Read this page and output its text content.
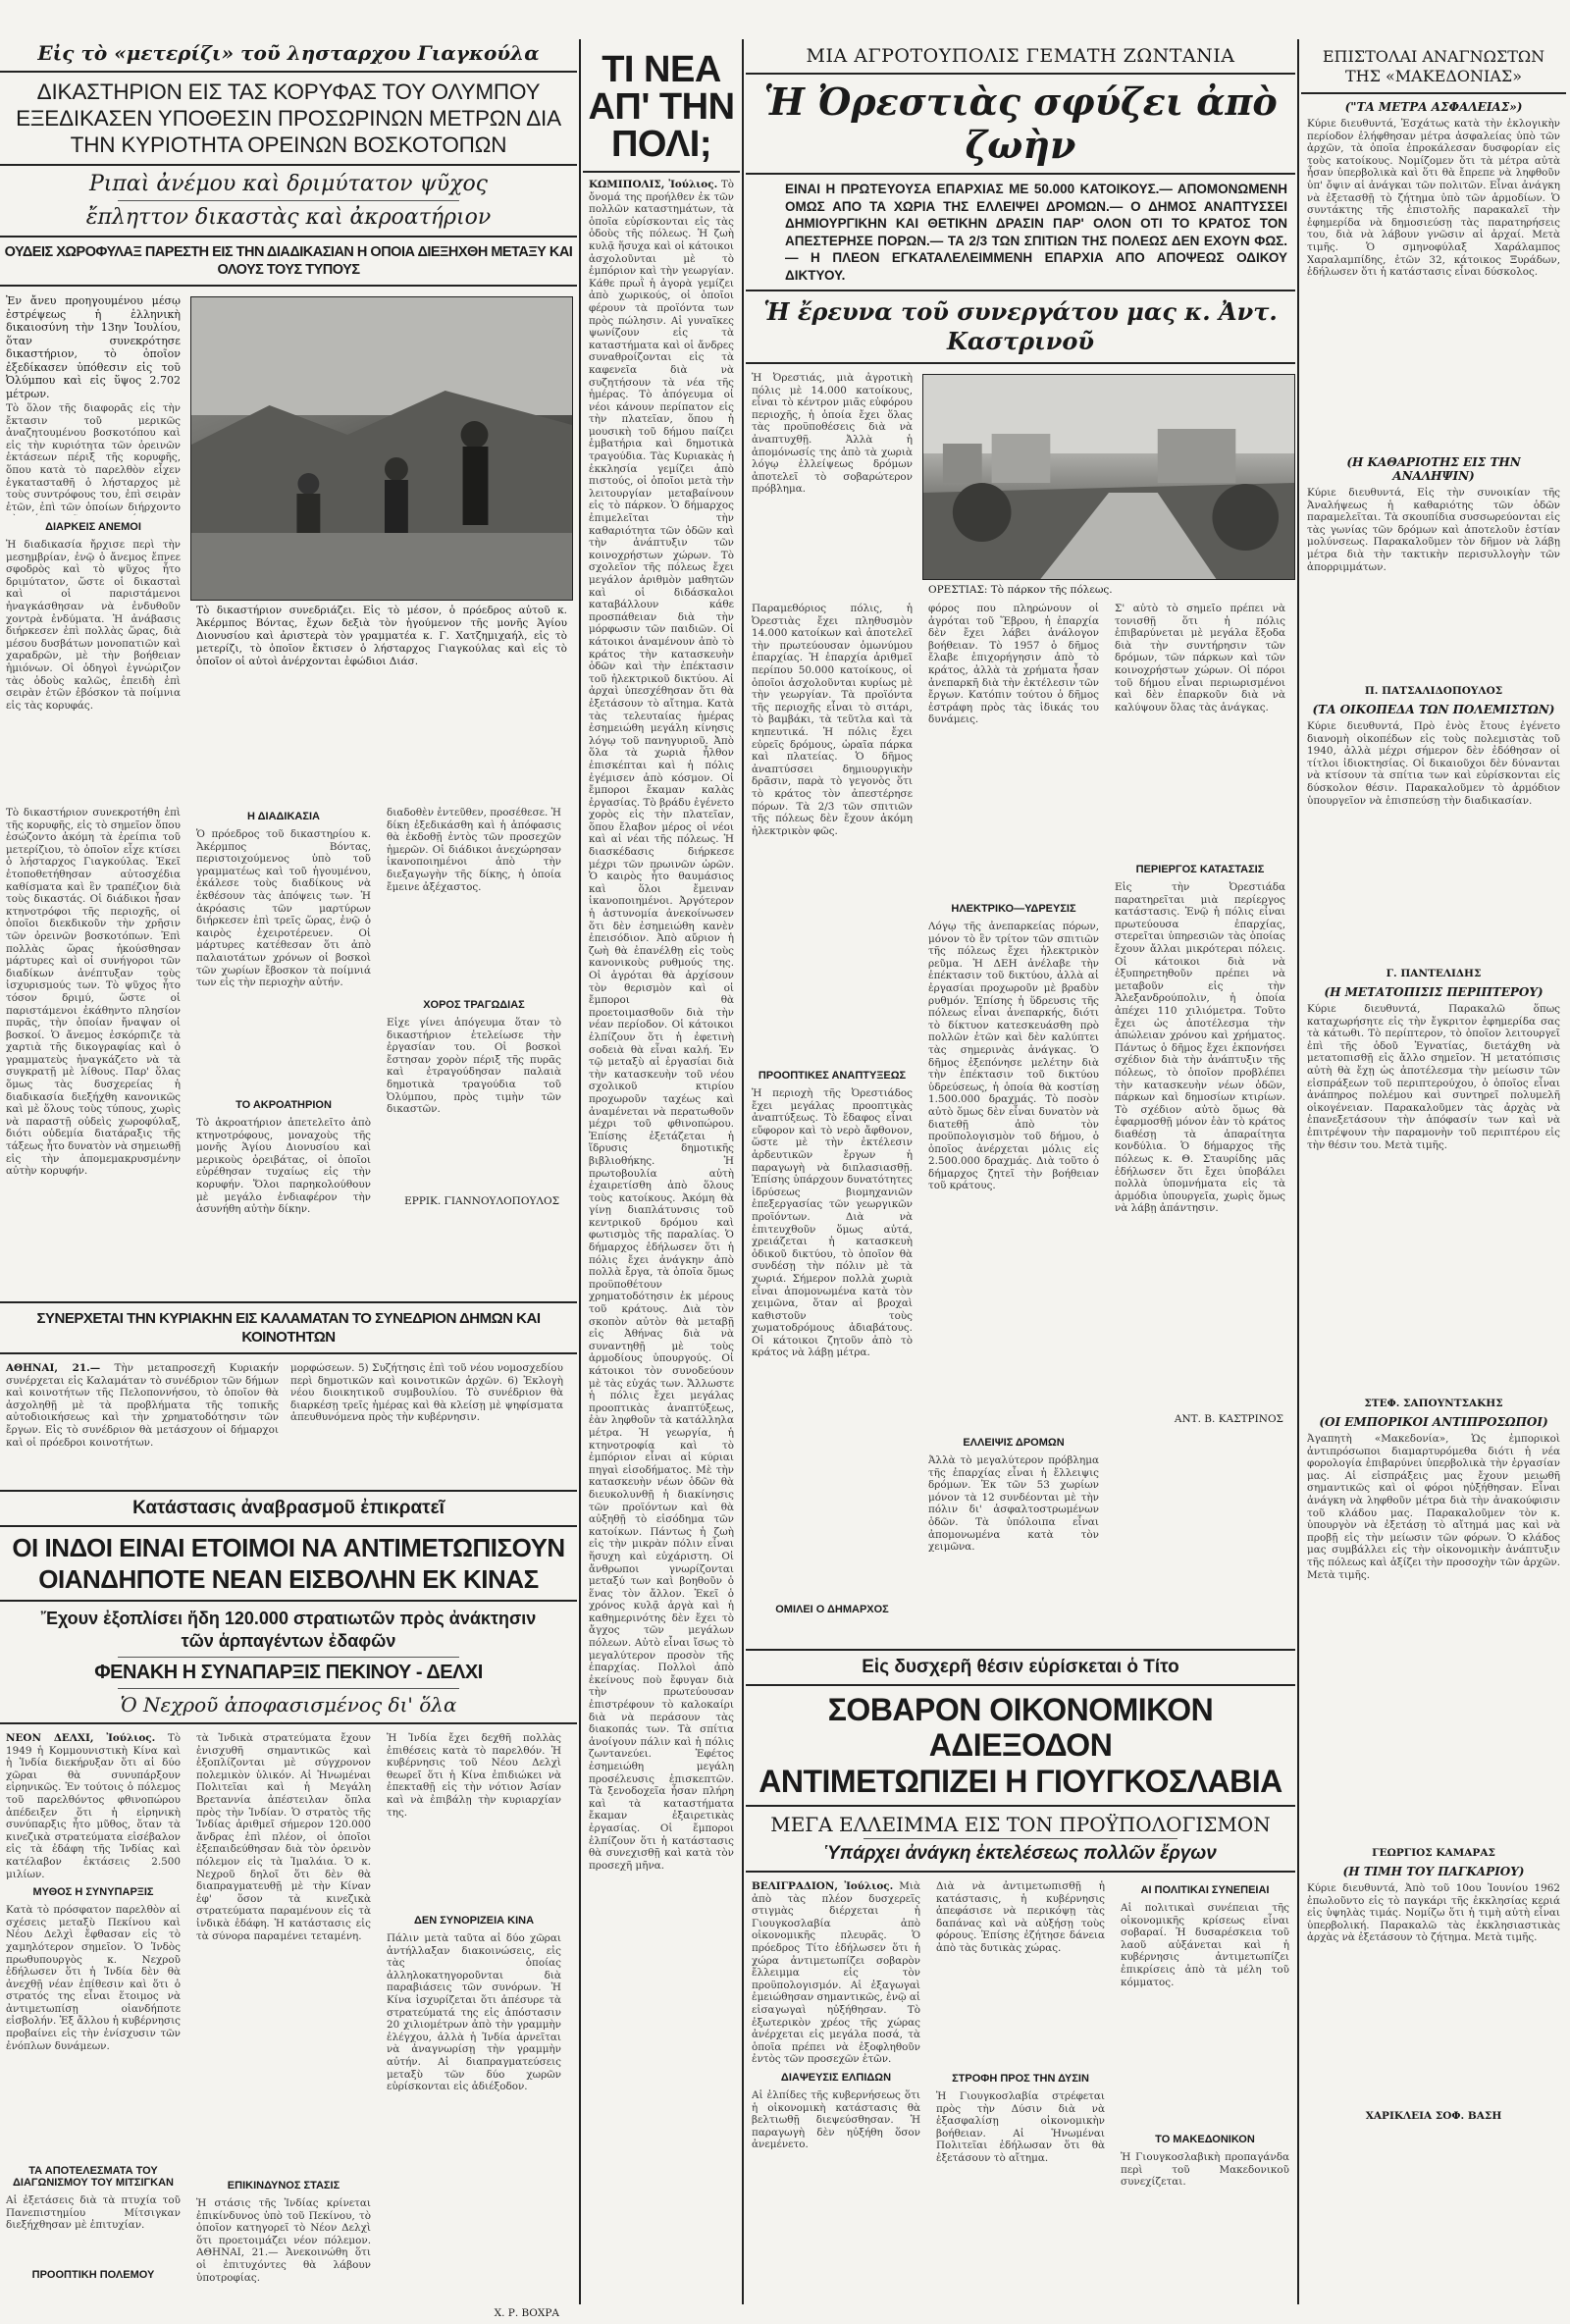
Εἰς τὸ «μετερίζι» τοῦ λησταρχου Γιαγκούλα
ΔΙΚΑΣΤΗΡΙΟΝ ΕΙΣ ΤΑΣ ΚΟΡΥΦΑΣ ΤΟΥ ΟΛΥΜΠΟΥ ΕΞΕΔΙΚΑΣΕΝ ΥΠΟΘΕΣΙΝ ΠΡΟΣΩΡΙΝΩΝ ΜΕΤΡΩΝ ΔΙΑ ΤΗΝ ΚΥΡΙΟΤΗΤΑ ΟΡΕΙΝΩΝ ΒΟΣΚΟΤΟΠΩΝ
Ριπαὶ ἀνέμου καὶ δριμύτατον ψῦχος
ἔπληττον δικαστὰς καὶ ἀκροατήριον
ΟΥΔΕΙΣ ΧΩΡΟΦΥΛΑΞ ΠΑΡΕΣΤΗ ΕΙΣ ΤΗΝ ΔΙΑΔΙΚΑΣΙΑΝ Η ΟΠΟΙΑ ΔΙΕΞΗΧΘΗ ΜΕΤΑΞΥ ΚΑΙ ΟΛΟΥΣ ΤΟΥΣ ΤΥΠΟΥΣ
Ἐν ἄνευ προηγουμένου μέσῳ ἐστρέψεως ἡ ἑλληνικὴ δικαιοσύνη τὴν 13ην Ἰουλίου, ὅταν συνεκρότησε δικαστήριον, τὸ ὁποῖον ἐξεδίκασεν ὑπόθεσιν εἰς τοῦ Ὀλύμπου καὶ εἰς ὕψος 2.702 μέτρων.
Τὸ ὅλον τῆς διαφορᾶς εἰς τὴν ἔκτασιν τοῦ μερικῶς ἀναζητουμένου βοσκοτόπου καὶ εἰς τὴν κυριότητα τῶν ὀρεινῶν ἐκτάσεων πέριξ τῆς κορυφῆς, ὅπου κατὰ τὸ παρελθὸν εἶχεν ἐγκατασταθῆ ὁ λήσταρχος μὲ τοὺς συντρόφους του, ἐπὶ σειρὰν ἐτῶν, ἐπὶ τῶν ὁποίων διήρχοντο
ΔΙΑΡΚΕΙΣ ΑΝΕΜΟΙ
Ἡ διαδικασία ἤρχισε περὶ τὴν μεσημβρίαν, ἐνῷ ὁ ἄνεμος ἔπνεε σφοδρὸς καὶ τὸ ψῦχος ἦτο δριμύτατον, ὥστε οἱ δικασταὶ καὶ οἱ παριστάμενοι ἠναγκάσθησαν νὰ ἐνδυθοῦν χοντρὰ ἐνδύματα. Ἡ ἀνάβασις διήρκεσεν ἐπὶ πολλὰς ὥρας, διὰ μέσου δυσβάτων μονοπατιῶν καὶ χαραδρῶν, μὲ τὴν βοήθειαν ἡμιόνων. Οἱ ὁδηγοὶ ἐγνώριζον τὰς ὁδοὺς καλῶς, ἐπειδὴ ἐπὶ σειρὰν ἐτῶν ἐβόσκον τὰ ποίμνια εἰς τὰς κορυφάς.
Τὸ δικαστήριον συνεδριάζει. Εἰς τὸ μέσον, ὁ πρόεδρος αὐτοῦ κ. Ἀκέρμπος Βόντας, ἔχων δεξιὰ τὸν ἡγούμενον τῆς μονῆς Ἁγίου Διονυσίου καὶ ἀριστερὰ τὸν γραμματέα κ. Γ. Χατζημιχαήλ, εἰς τὸ μετερίζι, τὸ ὁποῖον ἔκτισεν ὁ λήσταρχος Γιαγκούλας καὶ εἰς τὸ ὁποῖον οἱ αὐτοὶ ἀνέρχονται ἐφώδιοι Διάσ.
Τὸ δικαστήριον συνεκροτήθη ἐπὶ τῆς κορυφῆς, εἰς τὸ σημεῖον ὅπου ἐσώζοντο ἀκόμη τὰ ἐρείπια τοῦ μετερίζιου, τὸ ὁποῖον εἶχε κτίσει ὁ λήσταρχος Γιαγκούλας. Ἐκεῖ ἐτοποθετήθησαν αὐτοσχέδια καθίσματα καὶ ἓν τραπέζιον διὰ τοὺς δικαστάς. Οἱ διάδικοι ἦσαν κτηνοτρόφοι τῆς περιοχῆς, οἱ ὁποῖοι διεκδικοῦν τὴν χρῆσιν τῶν ὀρεινῶν βοσκοτόπων. Ἐπὶ πολλὰς ὥρας ἠκούσθησαν μάρτυρες καὶ οἱ συνήγοροι τῶν διαδίκων ἀνέπτυξαν τοὺς ἰσχυρισμούς των. Τὸ ψῦχος ἦτο τόσον δριμύ, ὥστε οἱ παριστάμενοι ἐκάθηντο πλησίον πυρᾶς, τὴν ὁποίαν ἤναψαν οἱ βοσκοί. Ὁ ἄνεμος ἐσκόρπιζε τὰ χαρτιὰ τῆς δικογραφίας καὶ ὁ γραμματεὺς ἠναγκάζετο νὰ τὰ συγκρατῇ μὲ λίθους. Παρ' ὅλας ὅμως τὰς δυσχερείας ἡ διαδικασία διεξήχθη κανονικῶς καὶ μὲ ὅλους τοὺς τύπους, χωρὶς νὰ παραστῇ οὐδεὶς χωροφύλαξ, διότι οὐδεμία διατάραξις τῆς τάξεως ἦτο δυνατὸν νὰ σημειωθῇ εἰς τὴν ἀπομεμακρυσμένην αὐτὴν κορυφήν.
Η ΔΙΑΔΙΚΑΣΙΑ
Ὁ πρόεδρος τοῦ δικαστηρίου κ. Ἀκέρμπος Βόντας, περιστοιχούμενος ὑπὸ τοῦ γραμματέως καὶ τοῦ ἡγουμένου, ἐκάλεσε τοὺς διαδίκους νὰ ἐκθέσουν τὰς ἀπόψεις των. Ἡ ἀκρόασις τῶν μαρτύρων διήρκεσεν ἐπὶ τρεῖς ὥρας, ἐνῷ ὁ καιρὸς ἐχειροτέρευεν. Οἱ μάρτυρες κατέθεσαν ὅτι ἀπὸ παλαιοτάτων χρόνων οἱ βοσκοὶ τῶν χωρίων ἔβοσκον τὰ ποίμνιά των εἰς τὴν περιοχὴν αὐτήν.
ΤΟ ΑΚΡΟΑΤΗΡΙΟΝ
Τὸ ἀκροατήριον ἀπετελεῖτο ἀπὸ κτηνοτρόφους, μοναχοὺς τῆς μονῆς Ἁγίου Διονυσίου καὶ μερικοὺς ὀρειβάτας, οἱ ὁποῖοι εὑρέθησαν τυχαίως εἰς τὴν κορυφήν. Ὅλοι παρηκολούθουν μὲ μεγάλο ἐνδιαφέρον τὴν ἀσυνήθη αὐτὴν δίκην.
διαδοθὲν ἐντεῦθεν, προσέθεσε. Ἡ δίκη ἐξεδικάσθη καὶ ἡ ἀπόφασις θὰ ἐκδοθῇ ἐντὸς τῶν προσεχῶν ἡμερῶν. Οἱ διάδικοι ἀνεχώρησαν ἱκανοποιημένοι ἀπὸ τὴν διεξαγωγὴν τῆς δίκης, ἡ ὁποία ἔμεινε ἀξέχαστος.
ΧΟΡΟΣ ΤΡΑΓΩΔΙΑΣ
Εἶχε γίνει ἀπόγευμα ὅταν τὸ δικαστήριον ἐτελείωσε τὴν ἐργασίαν του. Οἱ βοσκοὶ ἔστησαν χορὸν πέριξ τῆς πυρᾶς καὶ ἐτραγούδησαν παλαιὰ δημοτικὰ τραγούδια τοῦ Ὀλύμπου, πρὸς τιμὴν τῶν δικαστῶν.
ΕΡΡΙΚ. ΓΙΑΝΝΟΥΛΟΠΟΥΛΟΣ
ΣΥΝΕΡΧΕΤΑΙ ΤΗΝ ΚΥΡΙΑΚΗΝ ΕΙΣ ΚΑΛΑΜΑΤΑΝ ΤΟ ΣΥΝΕΔΡΙΟΝ ΔΗΜΩΝ ΚΑΙ ΚΟΙΝΟΤΗΤΩΝ
ΑΘΗΝΑΙ, 21.— Τὴν μεταπροσεχῆ Κυριακήν συνέρχεται εἰς Καλαμάταν τὸ συνέδριον τῶν δήμων καὶ κοινοτήτων τῆς Πελοποννήσου, τὸ ὁποῖον θὰ ἀσχοληθῇ μὲ τὰ προβλήματα τῆς τοπικῆς αὐτοδιοικήσεως καὶ τὴν χρηματοδότησιν τῶν ἔργων. Εἰς τὸ συνέδριον θὰ μετάσχουν οἱ δήμαρχοι καὶ οἱ πρόεδροι κοινοτήτων.
μορφώσεων. 5) Συζήτησις ἐπὶ τοῦ νέου νομοσχεδίου περὶ δημοτικῶν καὶ κοινοτικῶν ἀρχῶν. 6) Ἐκλογὴ νέου διοικητικοῦ συμβουλίου. Τὸ συνέδριον θὰ διαρκέσῃ τρεῖς ἡμέρας καὶ θὰ κλείσῃ μὲ ψηφίσματα ἀπευθυνόμενα πρὸς τὴν κυβέρνησιν.
Κατάστασις ἀναβρασμοῦ ἐπικρατεῖ
ΟΙ ΙΝΔΟΙ ΕΙΝΑΙ ΕΤΟΙΜΟΙ ΝΑ ΑΝΤΙΜΕΤΩΠΙΣΟΥΝ
ΟΙΑΝΔΗΠΟΤΕ ΝΕΑΝ ΕΙΣΒΟΛΗΝ ΕΚ ΚΙΝΑΣ
Ἔχουν ἐξοπλίσει ἤδη 120.000 στρατιωτῶν πρὸς ἀνάκτησιν τῶν ἁρπαγέντων ἐδαφῶν
ΦΕΝΑΚΗ Η ΣΥΝΑΠΑΡΞΙΣ ΠΕΚΙΝΟΥ - ΔΕΛΧΙ
Ὁ Νεχροῦ ἀποφασισμένος δι' ὅλα
ΝΕΟΝ ΔΕΛΧΙ, Ἰούλιος. Τὸ 1949 ἡ Κομμουνιστικὴ Κίνα καὶ ἡ Ἰνδία διεκήρυξαν ὅτι αἱ δύο χῶραι θὰ συνυπάρξουν εἰρηνικῶς. Ἐν τούτοις ὁ πόλεμος τοῦ παρελθόντος φθινοπώρου ἀπέδειξεν ὅτι ἡ εἰρηνικὴ συνύπαρξις ἦτο μῦθος, ὅταν τὰ κινεζικὰ στρατεύματα εἰσέβαλον εἰς τὰ ἐδάφη τῆς Ἰνδίας καὶ κατέλαβον ἐκτάσεις 2.500 μιλίων.
ΜΥΘΟΣ Η ΣΥΝΥΠΑΡΞΙΣ
Κατὰ τὸ πρόσφατον παρελθὸν αἱ σχέσεις μεταξὺ Πεκίνου καὶ Νέου Δελχὶ ἔφθασαν εἰς τὸ χαμηλότερον σημεῖον. Ὁ Ἰνδὸς πρωθυπουργὸς κ. Νεχροῦ ἐδήλωσεν ὅτι ἡ Ἰνδία δὲν θὰ ἀνεχθῇ νέαν ἐπίθεσιν καὶ ὅτι ὁ στρατός της εἶναι ἕτοιμος νὰ ἀντιμετωπίσῃ οἱανδήποτε εἰσβολήν. Ἐξ ἄλλου ἡ κυβέρνησις προβαίνει εἰς τὴν ἐνίσχυσιν τῶν ἐνόπλων δυνάμεων.
ΤΑ ΑΠΟΤΕΛΕΣΜΑΤΑ ΤΟΥ ΔΙΑΓΩΝΙΣΜΟΥ ΤΟΥ ΜΙΤΣΙΓΚΑΝ
Αἱ ἐξετάσεις διὰ τὰ πτυχία τοῦ Πανεπιστημίου Μίτσιγκαν διεξήχθησαν μὲ ἐπιτυχίαν.
ΠΡΟΟΠΤΙΚΗ ΠΟΛΕΜΟΥ
τὰ Ἰνδικὰ στρατεύματα ἔχουν ἐνισχυθῆ σημαντικῶς καὶ ἐξοπλίζονται μὲ σύγχρονον πολεμικὸν ὑλικόν. Αἱ Ἡνωμέναι Πολιτεῖαι καὶ ἡ Μεγάλη Βρεταννία ἀπέστειλαν ὅπλα πρὸς τὴν Ἰνδίαν. Ὁ στρατὸς τῆς Ἰνδίας ἀριθμεῖ σήμερον 120.000 ἄνδρας ἐπὶ πλέον, οἱ ὁποῖοι ἐξεπαιδεύθησαν διὰ τὸν ὀρεινὸν πόλεμον εἰς τὰ Ἱμαλάια. Ὁ κ. Νεχροῦ δηλοῖ ὅτι δὲν θὰ διαπραγματευθῇ μὲ τὴν Κίναν ἐφ' ὅσον τὰ κινεζικὰ στρατεύματα παραμένουν εἰς τὰ ἰνδικὰ ἐδάφη. Ἡ κατάστασις εἰς τὰ σύνορα παραμένει τεταμένη.
ΕΠΙΚΙΝΔΥΝΟΣ ΣΤΑΣΙΣ
Ἡ στάσις τῆς Ἰνδίας κρίνεται ἐπικίνδυνος ὑπὸ τοῦ Πεκίνου, τὸ ὁποῖον κατηγορεῖ τὸ Νέον Δελχὶ ὅτι προετοιμάζει νέον πόλεμον. ΑΘΗΝΑΙ, 21.— Ἀνεκοινώθη ὅτι οἱ ἐπιτυχόντες θὰ λάβουν ὑποτροφίας.
Ἡ Ἰνδία ἔχει δεχθῆ πολλὰς ἐπιθέσεις κατὰ τὸ παρελθόν. Ἡ κυβέρνησις τοῦ Νέου Δελχὶ θεωρεῖ ὅτι ἡ Κίνα ἐπιδιώκει νὰ ἐπεκταθῇ εἰς τὴν νότιον Ἀσίαν καὶ νὰ ἐπιβάλῃ τὴν κυριαρχίαν της.
ΔΕΝ ΣΥΝΟΡΙΖΕΙΑ ΚΙΝΑ
Πάλιν μετὰ ταῦτα αἱ δύο χῶραι ἀντήλλαξαν διακοινώσεις, εἰς τὰς ὁποίας ἀλληλοκατηγοροῦνται διὰ παραβιάσεις τῶν συνόρων. Ἡ Κίνα ἰσχυρίζεται ὅτι ἀπέσυρε τὰ στρατεύματά της εἰς ἀπόστασιν 20 χιλιομέτρων ἀπὸ τὴν γραμμὴν ἐλέγχου, ἀλλὰ ἡ Ἰνδία ἀρνεῖται νὰ ἀναγνωρίσῃ τὴν γραμμὴν αὐτήν. Αἱ διαπραγματεύσεις μεταξὺ τῶν δύο χωρῶν εὑρίσκονται εἰς ἀδιέξοδον.
Χ. Ρ. ΒΟΧΡΑ
ΤΙ ΝΕΑ ΑΠ' ΤΗΝ ΠΟΛΙ;
ΚΩΜΙΠΟΛΙΣ, Ἰούλιος. Τὸ ὄνομά της προήλθεν ἐκ τῶν πολλῶν καταστημάτων, τὰ ὁποῖα εὑρίσκονται εἰς τὰς ὁδοὺς τῆς πόλεως. Ἡ ζωὴ κυλᾷ ἥσυχα καὶ οἱ κάτοικοι ἀσχολοῦνται μὲ τὸ ἐμπόριον καὶ τὴν γεωργίαν. Κάθε πρωῒ ἡ ἀγορὰ γεμίζει ἀπὸ χωρικούς, οἱ ὁποῖοι φέρουν τὰ προϊόντα των πρὸς πώλησιν. Αἱ γυναῖκες ψωνίζουν εἰς τὰ καταστήματα καὶ οἱ ἄνδρες συναθροίζονται εἰς τὰ καφενεῖα διὰ νὰ συζητήσουν τὰ νέα τῆς ἡμέρας. Τὸ ἀπόγευμα οἱ νέοι κάνουν περίπατον εἰς τὴν πλατεῖαν, ὅπου ἡ μουσικὴ τοῦ δήμου παίζει ἐμβατήρια καὶ δημοτικὰ τραγούδια. Τὰς Κυριακὰς ἡ ἐκκλησία γεμίζει ἀπὸ πιστούς, οἱ ὁποῖοι μετὰ τὴν λειτουργίαν μεταβαίνουν εἰς τὸ πάρκον. Ὁ δήμαρχος ἐπιμελεῖται τὴν καθαριότητα τῶν ὁδῶν καὶ τὴν ἀνάπτυξιν τῶν κοινοχρήστων χώρων. Τὸ σχολεῖον τῆς πόλεως ἔχει μεγάλον ἀριθμὸν μαθητῶν καὶ οἱ διδάσκαλοι καταβάλλουν κάθε προσπάθειαν διὰ τὴν μόρφωσιν τῶν παιδιῶν. Οἱ κάτοικοι ἀναμένουν ἀπὸ τὸ κράτος τὴν κατασκευὴν ὁδῶν καὶ τὴν ἐπέκτασιν τοῦ ἠλεκτρικοῦ δικτύου. Αἱ ἀρχαὶ ὑπεσχέθησαν ὅτι θὰ ἐξετάσουν τὸ αἴτημα. Κατὰ τὰς τελευταίας ἡμέρας ἐσημειώθη μεγάλη κίνησις λόγῳ τοῦ πανηγυριοῦ. Ἀπὸ ὅλα τὰ χωριὰ ἦλθον ἐπισκέπται καὶ ἡ πόλις ἐγέμισεν ἀπὸ κόσμον. Οἱ ἔμποροι ἔκαμαν καλὰς ἐργασίας. Τὸ βράδυ ἐγένετο χορὸς εἰς τὴν πλατεῖαν, ὅπου ἔλαβον μέρος οἱ νέοι καὶ αἱ νέαι τῆς πόλεως. Ἡ διασκέδασις διήρκεσε μέχρι τῶν πρωινῶν ὡρῶν. Ὁ καιρὸς ἦτο θαυμάσιος καὶ ὅλοι ἔμειναν ἱκανοποιημένοι. Ἀργότερον ἡ ἀστυνομία ἀνεκοίνωσεν ὅτι δὲν ἐσημειώθη κανὲν ἐπεισόδιον. Ἀπὸ αὔριον ἡ ζωὴ θὰ ἐπανέλθῃ εἰς τοὺς κανονικοὺς ρυθμούς της. Οἱ ἀγρόται θὰ ἀρχίσουν τὸν θερισμὸν καὶ οἱ ἔμποροι θὰ προετοιμασθοῦν διὰ τὴν νέαν περίοδον. Οἱ κάτοικοι ἐλπίζουν ὅτι ἡ ἐφετινὴ σοδειὰ θὰ εἶναι καλή. Ἐν τῷ μεταξὺ αἱ ἐργασίαι διὰ τὴν κατασκευὴν τοῦ νέου σχολικοῦ κτιρίου προχωροῦν ταχέως καὶ ἀναμένεται νὰ περατωθοῦν μέχρι τοῦ φθινοπώρου. Ἐπίσης ἐξετάζεται ἡ ἵδρυσις δημοτικῆς βιβλιοθήκης. Ἡ πρωτοβουλία αὐτὴ ἐχαιρετίσθη ἀπὸ ὅλους τοὺς κατοίκους. Ἀκόμη θὰ γίνῃ διαπλάτυνσις τοῦ κεντρικοῦ δρόμου καὶ φωτισμὸς τῆς παραλίας. Ὁ δήμαρχος ἐδήλωσεν ὅτι ἡ πόλις ἔχει ἀνάγκην ἀπὸ πολλὰ ἔργα, τὰ ὁποῖα ὅμως προϋποθέτουν χρηματοδότησιν ἐκ μέρους τοῦ κράτους. Διὰ τὸν σκοπὸν αὐτὸν θὰ μεταβῇ εἰς Ἀθήνας διὰ νὰ συναντηθῇ μὲ τοὺς ἁρμοδίους ὑπουργούς. Οἱ κάτοικοι τὸν συνοδεύουν μὲ τὰς εὐχάς των. Ἄλλωστε ἡ πόλις ἔχει μεγάλας προοπτικὰς ἀναπτύξεως, ἐὰν ληφθοῦν τὰ κατάλληλα μέτρα. Ἡ γεωργία, ἡ κτηνοτροφία καὶ τὸ ἐμπόριον εἶναι αἱ κύριαι πηγαὶ εἰσοδήματος. Μὲ τὴν κατασκευὴν νέων ὁδῶν θὰ διευκολυνθῇ ἡ διακίνησις τῶν προϊόντων καὶ θὰ αὐξηθῇ τὸ εἰσόδημα τῶν κατοίκων. Πάντως ἡ ζωὴ εἰς τὴν μικρὰν πόλιν εἶναι ἥσυχη καὶ εὐχάριστη. Οἱ ἄνθρωποι γνωρίζονται μεταξύ των καὶ βοηθοῦν ὁ ἕνας τὸν ἄλλον. Ἐκεῖ ὁ χρόνος κυλᾷ ἀργὰ καὶ ἡ καθημερινότης δὲν ἔχει τὸ ἄγχος τῶν μεγάλων πόλεων. Αὐτὸ εἶναι ἴσως τὸ μεγαλύτερον προσὸν τῆς ἐπαρχίας. Πολλοὶ ἀπὸ ἐκείνους ποὺ ἔφυγαν διὰ τὴν πρωτεύουσαν ἐπιστρέφουν τὸ καλοκαίρι διὰ νὰ περάσουν τὰς διακοπάς των. Τὰ σπίτια ἀνοίγουν πάλιν καὶ ἡ πόλις ζωντανεύει. Ἐφέτος ἐσημειώθη μεγάλη προσέλευσις ἐπισκεπτῶν. Τὰ ξενοδοχεῖα ἦσαν πλήρη καὶ τὰ καταστήματα ἔκαμαν ἐξαιρετικὰς ἐργασίας. Οἱ ἔμποροι ἐλπίζουν ὅτι ἡ κατάστασις θὰ συνεχισθῇ καὶ κατὰ τὸν προσεχῆ μῆνα.
ΜΙΑ ΑΓΡΟΤΟΥΠΟΛΙΣ ΓΕΜΑΤΗ ΖΩΝΤΑΝΙΑ
Ἡ Ὀρεστιὰς σφύζει ἀπὸ ζωὴν
ΕΙΝΑΙ Η ΠΡΩΤΕΥΟΥΣΑ ΕΠΑΡΧΙΑΣ ΜΕ 50.000 ΚΑΤΟΙΚΟΥΣ.— ΑΠΟΜΟΝΩΜΕΝΗ ΟΜΩΣ ΑΠΟ ΤΑ ΧΩΡΙΑ ΤΗΣ ΕΛΛΕΙΨΕΙ ΔΡΟΜΩΝ.— Ο ΔΗΜΟΣ ΑΝΑΠΤΥΣΣΕΙ ΔΗΜΙΟΥΡΓΙΚΗΝ ΚΑΙ ΘΕΤΙΚΗΝ ΔΡΑΣΙΝ ΠΑΡ' ΟΛΟΝ ΟΤΙ ΤΟ ΚΡΑΤΟΣ ΤΟΝ ΑΠΕΣΤΕΡΗΣΕ ΠΟΡΩΝ.— ΤΑ 2/3 ΤΩΝ ΣΠΙΤΙΩΝ ΤΗΣ ΠΟΛΕΩΣ ΔΕΝ ΕΧΟΥΝ ΦΩΣ.— Η ΠΛΕΟΝ ΕΓΚΑΤΑΛΕΛΕΙΜΜΕΝΗ ΕΠΑΡΧΙΑ ΑΠΟ ΑΠΟΨΕΩΣ ΟΔΙΚΟΥ ΔΙΚΤΥΟΥ.
Ἡ ἔρευνα τοῦ συνεργάτου μας κ. Ἀντ. Καστρινοῦ
Ἡ Ὀρεστιάς, μιὰ ἀγροτικὴ πόλις μὲ 14.000 κατοίκους, εἶναι τὸ κέντρον μιᾶς εὐφόρου περιοχῆς, ἡ ὁποία ἔχει ὅλας τὰς προϋποθέσεις διὰ νὰ ἀναπτυχθῇ. Ἀλλὰ ἡ ἀπομόνωσίς της ἀπὸ τὰ χωριὰ λόγῳ ἐλλείψεως δρόμων ἀποτελεῖ τὸ σοβαρώτερον πρόβλημα.
ΟΡΕΣΤΙΑΣ: Τὸ πάρκον τῆς πόλεως.
Παραμεθόριος πόλις, ἡ Ὀρεστιὰς ἔχει πληθυσμὸν 14.000 κατοίκων καὶ ἀποτελεῖ τὴν πρωτεύουσαν ὁμωνύμου ἐπαρχίας. Ἡ ἐπαρχία ἀριθμεῖ περίπου 50.000 κατοίκους, οἱ ὁποῖοι ἀσχολοῦνται κυρίως μὲ τὴν γεωργίαν. Τὰ προϊόντα τῆς περιοχῆς εἶναι τὸ σιτάρι, τὸ βαμβάκι, τὰ τεῦτλα καὶ τὰ κηπευτικά. Ἡ πόλις ἔχει εὐρεῖς δρόμους, ὡραῖα πάρκα καὶ πλατείας. Ὁ δῆμος ἀναπτύσσει δημιουργικὴν δρᾶσιν, παρὰ τὸ γεγονὸς ὅτι τὸ κράτος τὸν ἀπεστέρησε πόρων. Τὰ 2/3 τῶν σπιτιῶν τῆς πόλεως δὲν ἔχουν ἀκόμη ἠλεκτρικὸν φῶς.
ΠΡΟΟΠΤΙΚΕΣ ΑΝΑΠΤΥΞΕΩΣ
Ἡ περιοχὴ τῆς Ὀρεστιάδος ἔχει μεγάλας προοπτικὰς ἀναπτύξεως. Τὸ ἔδαφος εἶναι εὔφορον καὶ τὸ νερὸ ἄφθονον, ὥστε μὲ τὴν ἐκτέλεσιν ἀρδευτικῶν ἔργων ἡ παραγωγὴ νὰ διπλασιασθῇ. Ἐπίσης ὑπάρχουν δυνατότητες ἱδρύσεως βιομηχανιῶν ἐπεξεργασίας τῶν γεωργικῶν προϊόντων. Διὰ νὰ ἐπιτευχθοῦν ὅμως αὐτά, χρειάζεται ἡ κατασκευὴ ὁδικοῦ δικτύου, τὸ ὁποῖον θὰ συνδέσῃ τὴν πόλιν μὲ τὰ χωριά. Σήμερον πολλὰ χωριὰ εἶναι ἀπομονωμένα κατὰ τὸν χειμῶνα, ὅταν αἱ βροχαὶ καθιστοῦν τοὺς χωματοδρόμους ἀδιαβάτους. Οἱ κάτοικοι ζητοῦν ἀπὸ τὸ κράτος νὰ λάβῃ μέτρα.
ΟΜΙΛΕΙ Ο ΔΗΜΑΡΧΟΣ
φόρος που πληρώνουν οἱ ἀγρόται τοῦ Ἕβρου, ἡ ἐπαρχία δὲν ἔχει λάβει ἀνάλογον βοήθειαν. Τὸ 1957 ὁ δῆμος ἔλαβε ἐπιχορήγησιν ἀπὸ τὸ κράτος, ἀλλὰ τὰ χρήματα ἦσαν ἀνεπαρκῆ διὰ τὴν ἐκτέλεσιν τῶν ἔργων. Κατόπιν τούτου ὁ δῆμος ἐστράφη πρὸς τὰς ἰδικάς του δυνάμεις.
ΗΛΕΚΤΡΙΚΟ—ΥΔΡΕΥΣΙΣ
Λόγῳ τῆς ἀνεπαρκείας πόρων, μόνον τὸ ἓν τρίτον τῶν σπιτιῶν τῆς πόλεως ἔχει ἠλεκτρικὸν ρεῦμα. Ἡ ΔΕΗ ἀνέλαβε τὴν ἐπέκτασιν τοῦ δικτύου, ἀλλὰ αἱ ἐργασίαι προχωροῦν μὲ βραδὺν ρυθμόν. Ἐπίσης ἡ ὕδρευσις τῆς πόλεως εἶναι ἀνεπαρκής, διότι τὸ δίκτυον κατεσκευάσθη πρὸ πολλῶν ἐτῶν καὶ δὲν καλύπτει τὰς σημερινὰς ἀνάγκας. Ὁ δῆμος ἐξεπόνησε μελέτην διὰ τὴν ἐπέκτασιν τοῦ δικτύου ὑδρεύσεως, ἡ ὁποία θὰ κοστίσῃ 1.500.000 δραχμάς. Τὸ ποσὸν αὐτὸ ὅμως δὲν εἶναι δυνατὸν νὰ διατεθῇ ἀπὸ τὸν προϋπολογισμὸν τοῦ δήμου, ὁ ὁποῖος ἀνέρχεται μόλις εἰς 2.500.000 δραχμάς. Διὰ τοῦτο ὁ δήμαρχος ζητεῖ τὴν βοήθειαν τοῦ κράτους.
ΕΛΛΕΙΨΙΣ ΔΡΟΜΩΝ
Ἀλλὰ τὸ μεγαλύτερον πρόβλημα τῆς ἐπαρχίας εἶναι ἡ ἔλλειψις δρόμων. Ἐκ τῶν 53 χωρίων μόνον τὰ 12 συνδέονται μὲ τὴν πόλιν δι' ἀσφαλτοστρωμένων ὁδῶν. Τὰ ὑπόλοιπα εἶναι ἀπομονωμένα κατὰ τὸν χειμῶνα.
Σ' αὐτὸ τὸ σημεῖο πρέπει νὰ τονισθῇ ὅτι ἡ πόλις ἐπιβαρύνεται μὲ μεγάλα ἔξοδα διὰ τὴν συντήρησιν τῶν δρόμων, τῶν πάρκων καὶ τῶν κοινοχρήστων χώρων. Οἱ πόροι τοῦ δήμου εἶναι περιωρισμένοι καὶ δὲν ἐπαρκοῦν διὰ νὰ καλύψουν ὅλας τὰς ἀνάγκας.
ΠΕΡΙΕΡΓΟΣ ΚΑΤΑΣΤΑΣΙΣ
Εἰς τὴν Ὀρεστιάδα παρατηρεῖται μιὰ περίεργος κατάστασις. Ἐνῷ ἡ πόλις εἶναι πρωτεύουσα ἐπαρχίας, στερεῖται ὑπηρεσιῶν τὰς ὁποίας ἔχουν ἄλλαι μικρότεραι πόλεις. Οἱ κάτοικοι διὰ νὰ ἐξυπηρετηθοῦν πρέπει νὰ μεταβοῦν εἰς τὴν Ἀλεξανδρούπολιν, ἡ ὁποία ἀπέχει 110 χιλιόμετρα. Τοῦτο ἔχει ὡς ἀποτέλεσμα τὴν ἀπώλειαν χρόνου καὶ χρήματος. Πάντως ὁ δῆμος ἔχει ἐκπονήσει σχέδιον διὰ τὴν ἀνάπτυξιν τῆς πόλεως, τὸ ὁποῖον προβλέπει τὴν κατασκευὴν νέων ὁδῶν, πάρκων καὶ δημοσίων κτιρίων. Τὸ σχέδιον αὐτὸ ὅμως θὰ ἐφαρμοσθῇ μόνον ἐὰν τὸ κράτος διαθέσῃ τὰ ἀπαραίτητα κονδύλια. Ὁ δήμαρχος τῆς πόλεως κ. Θ. Σταυρίδης μᾶς ἐδήλωσεν ὅτι ἔχει ὑποβάλει πολλὰ ὑπομνήματα εἰς τὰ ἁρμόδια ὑπουργεῖα, χωρὶς ὅμως νὰ λάβῃ ἀπάντησιν.
ΑΝΤ. Β. ΚΑΣΤΡΙΝΟΣ
Εἰς δυσχερῆ θέσιν εὑρίσκεται ὁ Τίτο
ΣΟΒΑΡΟΝ ΟΙΚΟΝΟΜΙΚΟΝ ΑΔΙΕΞΟΔΟΝ
ΑΝΤΙΜΕΤΩΠΙΖΕΙ Η ΓΙΟΥΓΚΟΣΛΑΒΙΑ
ΜΕΓΑ ΕΛΛΕΙΜΜΑ ΕΙΣ ΤΟΝ ΠΡΟΫΠΟΛΟΓΙΣΜΟΝ
Ὑπάρχει ἀνάγκη ἐκτελέσεως πολλῶν ἔργων
ΒΕΛΙΓΡΑΔΙΟΝ, Ἰούλιος. Μιὰ ἀπὸ τὰς πλέον δυσχερεῖς στιγμὰς διέρχεται ἡ Γιουγκοσλαβία ἀπὸ οἰκονομικῆς πλευρᾶς. Ὁ πρόεδρος Τίτο ἐδήλωσεν ὅτι ἡ χώρα ἀντιμετωπίζει σοβαρὸν ἔλλειμμα εἰς τὸν προϋπολογισμόν. Αἱ ἐξαγωγαὶ ἐμειώθησαν σημαντικῶς, ἐνῷ αἱ εἰσαγωγαὶ ηὐξήθησαν. Τὸ ἐξωτερικὸν χρέος τῆς χώρας ἀνέρχεται εἰς μεγάλα ποσά, τὰ ὁποῖα πρέπει νὰ ἐξοφληθοῦν ἐντὸς τῶν προσεχῶν ἐτῶν.
ΔΙΑΨΕΥΣΙΣ ΕΛΠΙΔΩΝ
Αἱ ἐλπίδες τῆς κυβερνήσεως ὅτι ἡ οἰκονομικὴ κατάστασις θὰ βελτιωθῇ διεψεύσθησαν. Ἡ παραγωγὴ δὲν ηὐξήθη ὅσον ἀνεμένετο.
Διὰ νὰ ἀντιμετωπισθῇ ἡ κατάστασις, ἡ κυβέρνησις ἀπεφάσισε νὰ περικόψῃ τὰς δαπάνας καὶ νὰ αὐξήσῃ τοὺς φόρους. Ἐπίσης ἐζήτησε δάνεια ἀπὸ τὰς δυτικὰς χώρας.
ΣΤΡΟΦΗ ΠΡΟΣ ΤΗΝ ΔΥΣΙΝ
Ἡ Γιουγκοσλαβία στρέφεται πρὸς τὴν Δύσιν διὰ νὰ ἐξασφαλίσῃ οἰκονομικὴν βοήθειαν. Αἱ Ἡνωμέναι Πολιτεῖαι ἐδήλωσαν ὅτι θὰ ἐξετάσουν τὸ αἴτημα.
ΑΙ ΠΟΛΙΤΙΚΑΙ ΣΥΝΕΠΕΙΑΙ
Αἱ πολιτικαὶ συνέπειαι τῆς οἰκονομικῆς κρίσεως εἶναι σοβαραί. Ἡ δυσαρέσκεια τοῦ λαοῦ αὐξάνεται καὶ ἡ κυβέρνησις ἀντιμετωπίζει ἐπικρίσεις ἀπὸ τὰ μέλη τοῦ κόμματος.
ΤΟ ΜΑΚΕΔΟΝΙΚΟΝ
Ἡ Γιουγκοσλαβικὴ προπαγάνδα περὶ τοῦ Μακεδονικοῦ συνεχίζεται.
ΕΠΙΣΤΟΛΑΙ ΑΝΑΓΝΩΣΤΩΝ ΤΗΣ «ΜΑΚΕΔΟΝΙΑΣ»
("ΤΑ ΜΕΤΡΑ ΑΣΦΑΛΕΙΑΣ»)
Κύριε διευθυντά, Ἐσχάτως κατὰ τὴν ἐκλογικὴν περίοδον ἐλήφθησαν μέτρα ἀσφαλείας ὑπὸ τῶν ἀρχῶν, τὰ ὁποῖα ἐπροκάλεσαν δυσφορίαν εἰς τοὺς κατοίκους. Νομίζομεν ὅτι τὰ μέτρα αὐτὰ ἦσαν ὑπερβολικὰ καὶ ὅτι θὰ ἔπρεπε νὰ ληφθοῦν ὑπ' ὄψιν αἱ ἀνάγκαι τῶν πολιτῶν. Εἶναι ἀνάγκη νὰ ἐξετασθῇ τὸ ζήτημα ὑπὸ τῶν ἁρμοδίων. Ὁ συντάκτης τῆς ἐπιστολῆς παρακαλεῖ τὴν ἐφημερίδα νὰ δημοσιεύσῃ τὰς παρατηρήσεις του, διὰ νὰ λάβουν γνῶσιν αἱ ἀρχαί. Μετὰ τιμῆς. Ὁ σμηνοφύλαξ Χαράλαμπος Χαραλαμπίδης, ἐτῶν 32, κάτοικος Ξυράδων, ἐδήλωσεν ὅτι ἡ κατάστασις εἶναι δύσκολος.
(Η ΚΑΘΑΡΙΟΤΗΣ ΕΙΣ ΤΗΝ ΑΝΑΛΗΨΙΝ)
Κύριε διευθυντά, Εἰς τὴν συνοικίαν τῆς Ἀναλήψεως ἡ καθαριότης τῶν ὁδῶν παραμελεῖται. Τὰ σκουπίδια συσσωρεύονται εἰς τὰς γωνίας τῶν δρόμων καὶ ἀποτελοῦν ἑστίαν μολύνσεως. Παρακαλοῦμεν τὸν δῆμον νὰ λάβῃ μέτρα διὰ τὴν τακτικὴν περισυλλογὴν τῶν ἀπορριμμάτων.
Π. ΠΑΤΣΑΛΙΔΟΠΟΥΛΟΣ
(ΤΑ ΟΙΚΟΠΕΔΑ ΤΩΝ ΠΟΛΕΜΙΣΤΩΝ)
Κύριε διευθυντά, Πρὸ ἐνὸς ἔτους ἐγένετο διανομὴ οἰκοπέδων εἰς τοὺς πολεμιστὰς τοῦ 1940, ἀλλὰ μέχρι σήμερον δὲν ἐδόθησαν οἱ τίτλοι ἰδιοκτησίας. Οἱ δικαιοῦχοι δὲν δύνανται νὰ κτίσουν τὰ σπίτια των καὶ εὑρίσκονται εἰς δύσκολον θέσιν. Παρακαλοῦμεν τὸ ἁρμόδιον ὑπουργεῖον νὰ ἐπισπεύσῃ τὴν διαδικασίαν.
Γ. ΠΑΝΤΕΛΙΔΗΣ
(Η ΜΕΤΑΤΟΠΙΣΙΣ ΠΕΡΙΠΤΕΡΟΥ)
Κύριε διευθυντά, Παρακαλῶ ὅπως καταχωρήσητε εἰς τὴν ἔγκριτον ἐφημερίδα σας τὰ κάτωθι. Τὸ περίπτερον, τὸ ὁποῖον λειτουργεῖ ἐπὶ τῆς ὁδοῦ Ἐγνατίας, διετάχθη νὰ μετατοπισθῇ εἰς ἄλλο σημεῖον. Ἡ μετατόπισις αὐτὴ θὰ ἔχῃ ὡς ἀποτέλεσμα τὴν μείωσιν τῶν εἰσπράξεων τοῦ περιπτερούχου, ὁ ὁποῖος εἶναι ἀνάπηρος πολέμου καὶ συντηρεῖ πολυμελῆ οἰκογένειαν. Παρακαλοῦμεν τὰς ἀρχὰς νὰ ἐπανεξετάσουν τὴν ἀπόφασίν των καὶ νὰ ἐπιτρέψουν τὴν παραμονὴν τοῦ περιπτέρου εἰς τὴν θέσιν του. Μετὰ τιμῆς.
ΣΤΕΦ. ΣΑΠΟΥΝΤΣΑΚΗΣ
(ΟΙ ΕΜΠΟΡΙΚΟΙ ΑΝΤΙΠΡΟΣΩΠΟΙ)
Ἀγαπητὴ «Μακεδονία», Ὡς ἐμπορικοὶ ἀντιπρόσωποι διαμαρτυρόμεθα διότι ἡ νέα φορολογία ἐπιβαρύνει ὑπερβολικὰ τὴν ἐργασίαν μας. Αἱ εἰσπράξεις μας ἔχουν μειωθῆ σημαντικῶς καὶ οἱ φόροι ηὐξήθησαν. Εἶναι ἀνάγκη νὰ ληφθοῦν μέτρα διὰ τὴν ἀνακούφισιν τοῦ κλάδου μας. Παρακαλοῦμεν τὸν κ. ὑπουργὸν νὰ ἐξετάσῃ τὸ αἴτημά μας καὶ νὰ προβῇ εἰς τὴν μείωσιν τῶν φόρων. Ὁ κλάδος μας συμβάλλει εἰς τὴν οἰκονομικὴν ἀνάπτυξιν τῆς πόλεως καὶ ἀξίζει τὴν προσοχὴν τῶν ἀρχῶν. Μετὰ τιμῆς.
ΓΕΩΡΓΙΟΣ ΚΑΜΑΡΑΣ
(Η ΤΙΜΗ ΤΟΥ ΠΑΓΚΑΡΙΟΥ)
Κύριε διευθυντά, Ἀπὸ τοῦ 10ου Ἰουνίου 1962 ἐπωλοῦντο εἰς τὸ παγκάρι τῆς ἐκκλησίας κεριά εἰς ὑψηλὰς τιμάς. Νομίζω ὅτι ἡ τιμὴ αὐτὴ εἶναι ὑπερβολική. Παρακαλῶ τὰς ἐκκλησιαστικὰς ἀρχὰς νὰ ἐξετάσουν τὸ ζήτημα. Μετὰ τιμῆς.
ΧΑΡΙΚΛΕΙΑ ΣΟΦ. ΒΑΣΗ
